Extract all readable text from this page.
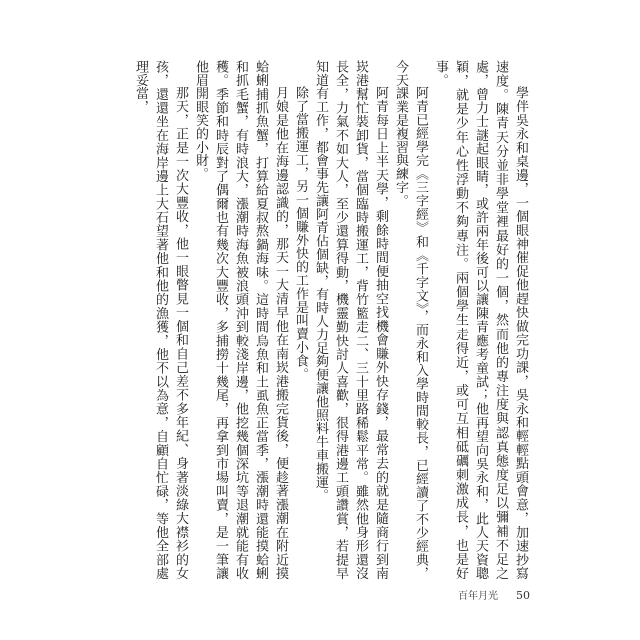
學伴吳永和桌邊，一個眼神催促他趕快做完功課，吳永和輕輕點頭會意，加速抄寫速度。陳青天分並非學堂裡最好的一個，然而他的專注度與認真態度足以彌補不足之處，曾力士謎起眼睛，或許兩年後可以讓陳青應考童試；他再望向吳永和，此人天資聰穎，就是少年心性浮動不夠專注。兩個學生走得近，或可互相砥礪刺激成長，也是好事。

阿青已經學完《三字經》和《千字文》，而永和入學時間較長，已經讀了不少經典，今天課業是複習與練字。

阿青每日上半天學，剩餘時間便抽空找機會賺外快存錢，最常去的就是隨商行到南崁港幫忙裝卸貨，當個臨時搬運工，背竹籃走二、三十里路稀鬆平常。雖然他身形還沒長全，力氣不如大人，至少還算得動，機靈勤快討人喜歡，很得港邊工頭讚賞，若提早知道有工作，都會事先讓阿青佔個缺，有時人力足夠便讓他照料牛車搬運。

除了當搬運工，另一個賺外快的工作是叫賣小食。

月娘是他在海邊認識的，那天一大清早他在南崁港搬完貨後，便趁著漲潮在附近摸蛤蜊捕抓魚蟹，打算給夏叔熬鍋海味。這時間烏魚和土虱魚正當季，漲潮時還能摸蛤蜊和抓毛蟹，有時浪大，漲潮時海魚被浪頭沖到較淺岸邊，他挖幾個深坑等退潮就能有收穫。季節和時辰對了偶爾也有幾次大豐收，多捕撈十幾尾，再拿到市場叫賣，是一筆讓他眉開眼笑的小財。

那天，正是一次大豐收，他一眼瞥見一個和自己差不多年紀、身著淡綠大襟衫的女孩，還還坐在海岸邊上大石望著他和他的漁獲，他不以為意，自顧自忙碌，等他全部處理妥當，

百年月光 50
